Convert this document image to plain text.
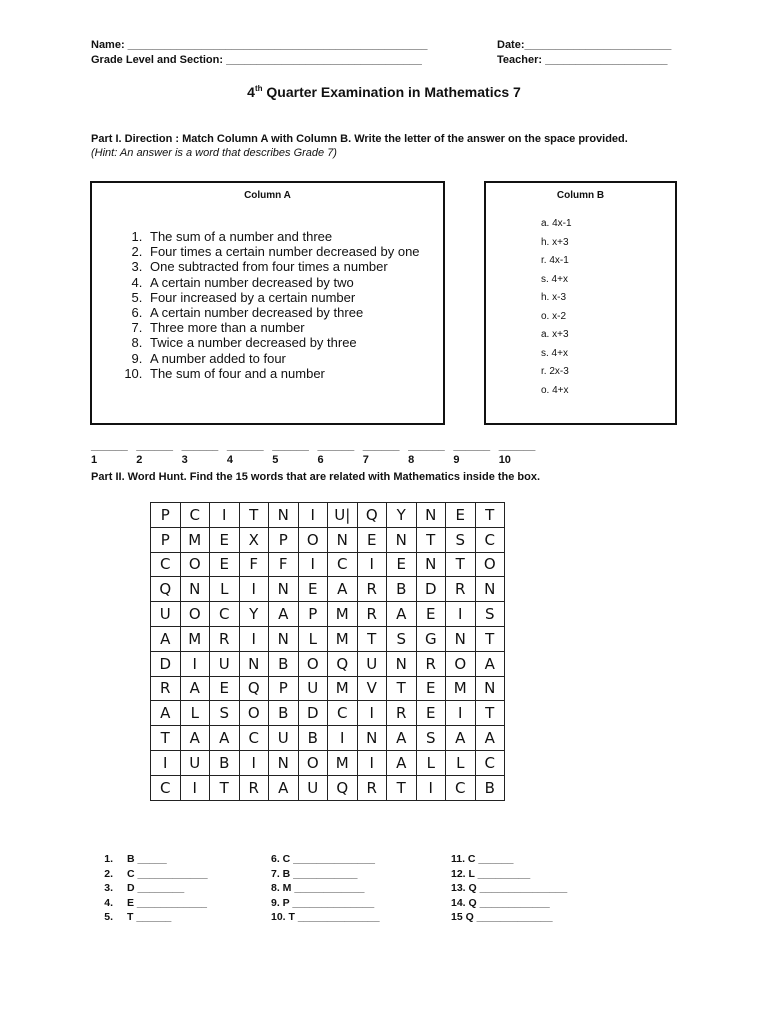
Name: _________________________________________________	Date:________________________
Grade Level and Section: ________________________________	Teacher: ____________________
4th Quarter Examination in Mathematics 7
Part I. Direction : Match Column A with Column B. Write the letter of the answer on the space provided.
(Hint: An answer is a word that describes Grade 7)
Column A
1. The sum of a number and three
2. Four times a certain number decreased by one
3. One subtracted from four times a number
4. A certain number decreased by two
5. Four increased by a certain number
6. A certain number decreased by three
7. Three more than a number
8. Twice a number decreased by three
9. A number added to four
10. The sum of four and a number
Column B
a. 4x-1
h. x+3
r. 4x-1
s. 4+x
h. x-3
o. x-2
a. x+3
s. 4+x
r. 2x-3
o. 4+x
______
1
______
2
______
3
______
4
______
5
______
6
______
7
______
8
______
9
______
10
Part II. Word Hunt. Find the 15 words that are related with Mathematics inside the box.
P	C	I	T	N	I	U|	Q	Y	N	E	T
P	M	E	X	P	O	N	E	N	T	S	C
C	O	E	F	F	I	C	I	E	N	T	O
Q	N	L	I	N	E	A	R	B	D	R	N
U	O	C	Y	A	P	M	R	A	E	I	S
A	M	R	I	N	L	M	T	S	G	N	T
D	I	U	N	B	O	Q	U	N	R	O	A
R	A	E	Q	P	U	M	V	T	E	M	N
A	L	S	O	B	D	C	I	R	E	I	T
T	A	A	C	U	B	I	N	A	S	A	A
I	U	B	I	N	O	M	I	A	L	L	C
C	I	T	R	A	U	Q	R	T	I	C	B
1. B _____
2. C ____________
3. D ________
4. E ____________
5. T ______
6. C ______________
7. B ___________
8. M ____________
9. P ______________
10. T ______________
11. C ______
12. L _________
13. Q _______________
14. Q ____________
15 Q _____________
